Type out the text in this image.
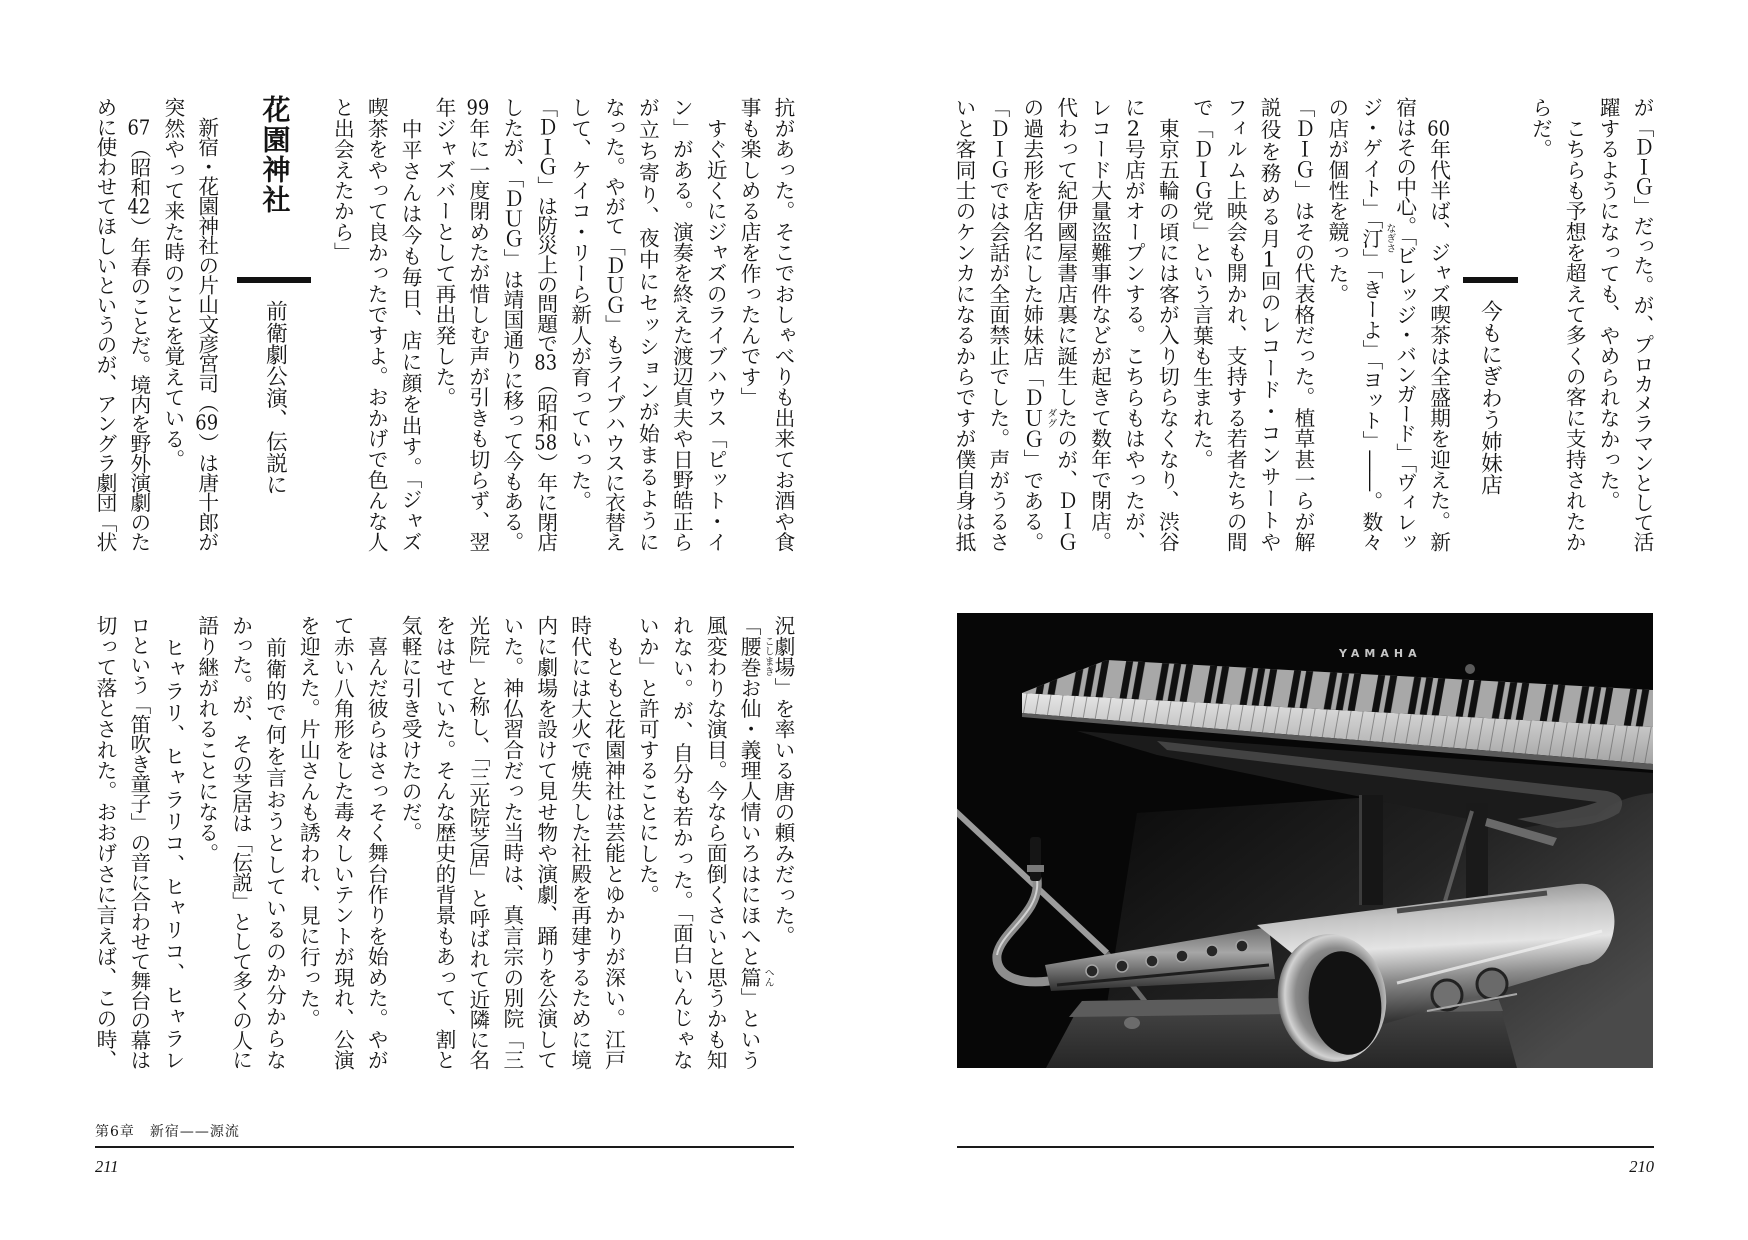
抗があった。そこでおしゃべりも出来てお酒や食
事も楽しめる店を作ったんです」
　すぐ近くにジャズのライブハウス「ピット・イ
ン」がある。演奏を終えた渡辺貞夫や日野皓正ら
が立ち寄り、夜中にセッションが始まるように
なった。やがて「ＤＵＧ」もライブハウスに衣替え
して、ケイコ・リーら新人が育っていった。
「ＤＩＧ」は防災上の問題で83（昭和58）年に閉店
したが、「ＤＵＧ」は靖国通りに移って今もある。
99年に一度閉めたが惜しむ声が引きも切らず、翌
年ジャズバーとして再出発した。
　中平さんは今も毎日、店に顔を出す。「ジャズ
喫茶をやって良かったですよ。おかげで色んな人
と出会えたから」
花園神社
前衛劇公演、伝説に
　新宿・花園神社の片山文彦宮司（69）は唐十郎が
突然やって来た時のことを覚えている。
　67（昭和42）年春のことだ。境内を野外演劇のた
めに使わせてほしいというのが、アングラ劇団「状
況劇場」を率いる唐の頼みだった。
「腰巻 こしまき
お仙・義理人情いろはにほへと篇 へん
」という
風変わりな演目。今なら面倒くさいと思うかも知
れない。が、自分も若かった。「面白いんじゃな
いか」と許可することにした。
　もともと花園神社は芸能とゆかりが深い。江戸
時代には大火で焼失した社殿を再建するために境
内に劇場を設けて見せ物や演劇、踊りを公演して
いた。神仏習合だった当時は、真言宗の別院「三
光院」と称し、「三光院芝居」と呼ばれて近隣に名
をはせていた。そんな歴史的背景もあって、割と
気軽に引き受けたのだ。
　喜んだ彼らはさっそく舞台作りを始めた。やが
て赤い八角形をした毒々しいテントが現れ、公演
を迎えた。片山さんも誘われ、見に行った。
　前衛的で何を言おうとしているのか分からな
かった。が、その芝居は「伝説」として多くの人に
語り継がれることになる。
　ヒャラリ、ヒャラリコ、ヒャリコ、ヒャラレ
ロという「笛吹き童子」の音に合わせて舞台の幕は
切って落とされた。おおげさに言えば、この時、
第6章　新宿——源流
211
が「ＤＩＧ」だった。が、プロカメラマンとして活
躍するようになっても、やめられなかった。
　こちらも予想を超えて多くの客に支持されたか
らだ。
今もにぎわう姉妹店
　60年代半ば、ジャズ喫茶は全盛期を迎えた。新
宿はその中心。「ビレッジ・バンガード」「ヴィレッ
ジ・ゲイト」「汀 なぎさ
」「きーよ」「ヨット」――。数々
の店が個性を競った。
「ＤＩＧ」はその代表格だった。植草甚一らが解
説役を務める月1回のレコード・コンサートや
フィルム上映会も開かれ、支持する若者たちの間
で「ＤＩＧ党」という言葉も生まれた。
　東京五輪の頃には客が入り切らなくなり、渋谷
に2号店がオープンする。こちらもはやったが、
レコード大量盗難事件などが起きて数年で閉店。
代わって紀伊國屋書店裏に誕生したのが、ＤＩＧ
の過去形を店名にした姉妹店「ＤＵＧ ダグ
」である。
「ＤＩＧでは会話が全面禁止でした。声がうるさ
いと客同士のケンカになるからですが僕自身は抵
YAMAHA
210
